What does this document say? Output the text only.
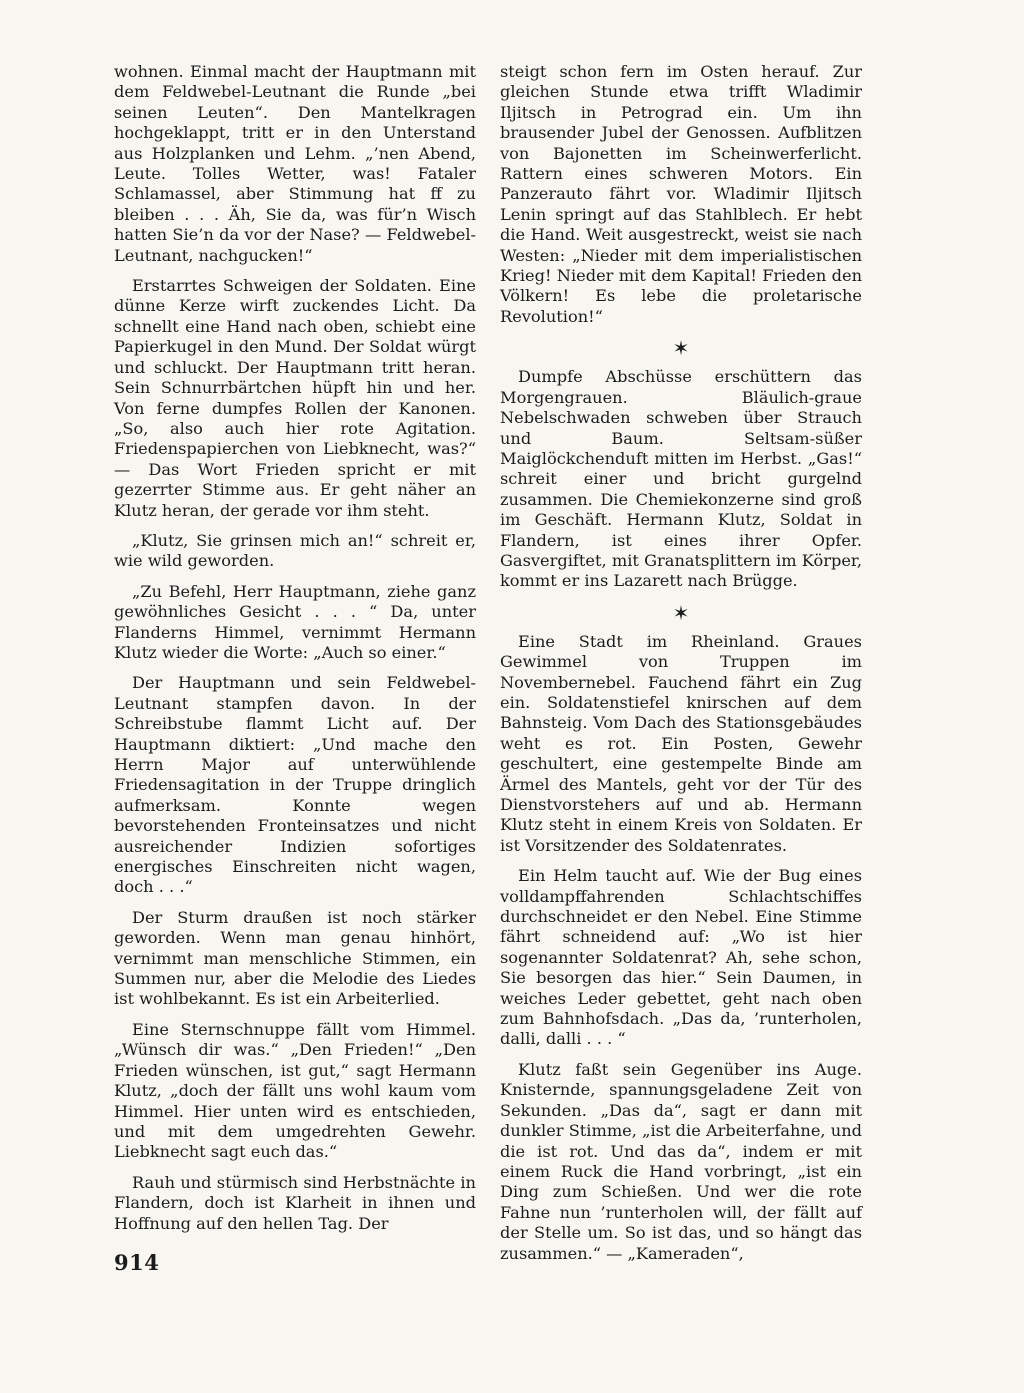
wohnen. Einmal macht der Hauptmann mit dem Feldwebel-Leutnant die Runde „bei seinen Leuten“. Den Mantelkragen hochgeklappt, tritt er in den Unterstand aus Holzplanken und Lehm. „’nen Abend, Leute. Tolles Wetter, was! Fataler Schlamassel, aber Stimmung hat ff zu bleiben . . . Äh, Sie da, was für’n Wisch hatten Sie’n da vor der Nase? — Feldwebel-Leutnant, nachgucken!“

Erstarrtes Schweigen der Soldaten. Eine dünne Kerze wirft zuckendes Licht. Da schnellt eine Hand nach oben, schiebt eine Papierkugel in den Mund. Der Soldat würgt und schluckt. Der Hauptmann tritt heran. Sein Schnurrbärtchen hüpft hin und her. Von ferne dumpfes Rollen der Kanonen. „So, also auch hier rote Agitation. Friedenspapierchen von Liebknecht, was?“ — Das Wort Frieden spricht er mit gezerrter Stimme aus. Er geht näher an Klutz heran, der gerade vor ihm steht.

„Klutz, Sie grinsen mich an!“ schreit er, wie wild geworden.

„Zu Befehl, Herr Hauptmann, ziehe ganz gewöhnliches Gesicht . . . “ Da, unter Flanderns Himmel, vernimmt Hermann Klutz wieder die Worte: „Auch so einer.“

Der Hauptmann und sein Feldwebel-Leutnant stampfen davon. In der Schreibstube flammt Licht auf. Der Hauptmann diktiert: „Und mache den Herrn Major auf unterwühlende Friedensagitation in der Truppe dringlich aufmerksam. Konnte wegen bevorstehenden Fronteinsatzes und nicht ausreichender Indizien sofortiges energisches Einschreiten nicht wagen, doch . . .“

Der Sturm draußen ist noch stärker geworden. Wenn man genau hinhört, vernimmt man menschliche Stimmen, ein Summen nur, aber die Melodie des Liedes ist wohlbekannt. Es ist ein Arbeiterlied.

Eine Sternschnuppe fällt vom Himmel. „Wünsch dir was.“ „Den Frieden!“ „Den Frieden wünschen, ist gut,“ sagt Hermann Klutz, „doch der fällt uns wohl kaum vom Himmel. Hier unten wird es entschieden, und mit dem umgedrehten Gewehr. Liebknecht sagt euch das.“

Rauh und stürmisch sind Herbstnächte in Flandern, doch ist Klarheit in ihnen und Hoffnung auf den hellen Tag. Der

steigt schon fern im Osten herauf. Zur gleichen Stunde etwa trifft Wladimir Iljitsch in Petrograd ein. Um ihn brausender Jubel der Genossen. Aufblitzen von Bajonetten im Scheinwerferlicht. Rattern eines schweren Motors. Ein Panzerauto fährt vor. Wladimir Iljitsch Lenin springt auf das Stahlblech. Er hebt die Hand. Weit ausgestreckt, weist sie nach Westen: „Nieder mit dem imperialistischen Krieg! Nieder mit dem Kapital! Frieden den Völkern! Es lebe die proletarische Revolution!“

✶

Dumpfe Abschüsse erschüttern das Morgengrauen. Bläulich-graue Nebelschwaden schweben über Strauch und Baum. Seltsam-süßer Maiglöckchenduft mitten im Herbst. „Gas!“ schreit einer und bricht gurgelnd zusammen. Die Chemiekonzerne sind groß im Geschäft. Hermann Klutz, Soldat in Flandern, ist eines ihrer Opfer. Gasvergiftet, mit Granatsplittern im Körper, kommt er ins Lazarett nach Brügge.

✶

Eine Stadt im Rheinland. Graues Gewimmel von Truppen im Novembernebel. Fauchend fährt ein Zug ein. Soldatenstiefel knirschen auf dem Bahnsteig. Vom Dach des Stationsgebäudes weht es rot. Ein Posten, Gewehr geschultert, eine gestempelte Binde am Ärmel des Mantels, geht vor der Tür des Dienstvorstehers auf und ab. Hermann Klutz steht in einem Kreis von Soldaten. Er ist Vorsitzender des Soldatenrates.

Ein Helm taucht auf. Wie der Bug eines volldampffahrenden Schlachtschiffes durchschneidet er den Nebel. Eine Stimme fährt schneidend auf: „Wo ist hier sogenannter Soldatenrat? Ah, sehe schon, Sie besorgen das hier.“ Sein Daumen, in weiches Leder gebettet, geht nach oben zum Bahnhofsdach. „Das da, ’runterholen, dalli, dalli . . . “

Klutz faßt sein Gegenüber ins Auge. Knisternde, spannungsgeladene Zeit von Sekunden. „Das da“, sagt er dann mit dunkler Stimme, „ist die Arbeiterfahne, und die ist rot. Und das da“, indem er mit einem Ruck die Hand vorbringt, „ist ein Ding zum Schießen. Und wer die rote Fahne nun ’runterholen will, der fällt auf der Stelle um. So ist das, und so hängt das zusammen.“ — „Kameraden“,

914
